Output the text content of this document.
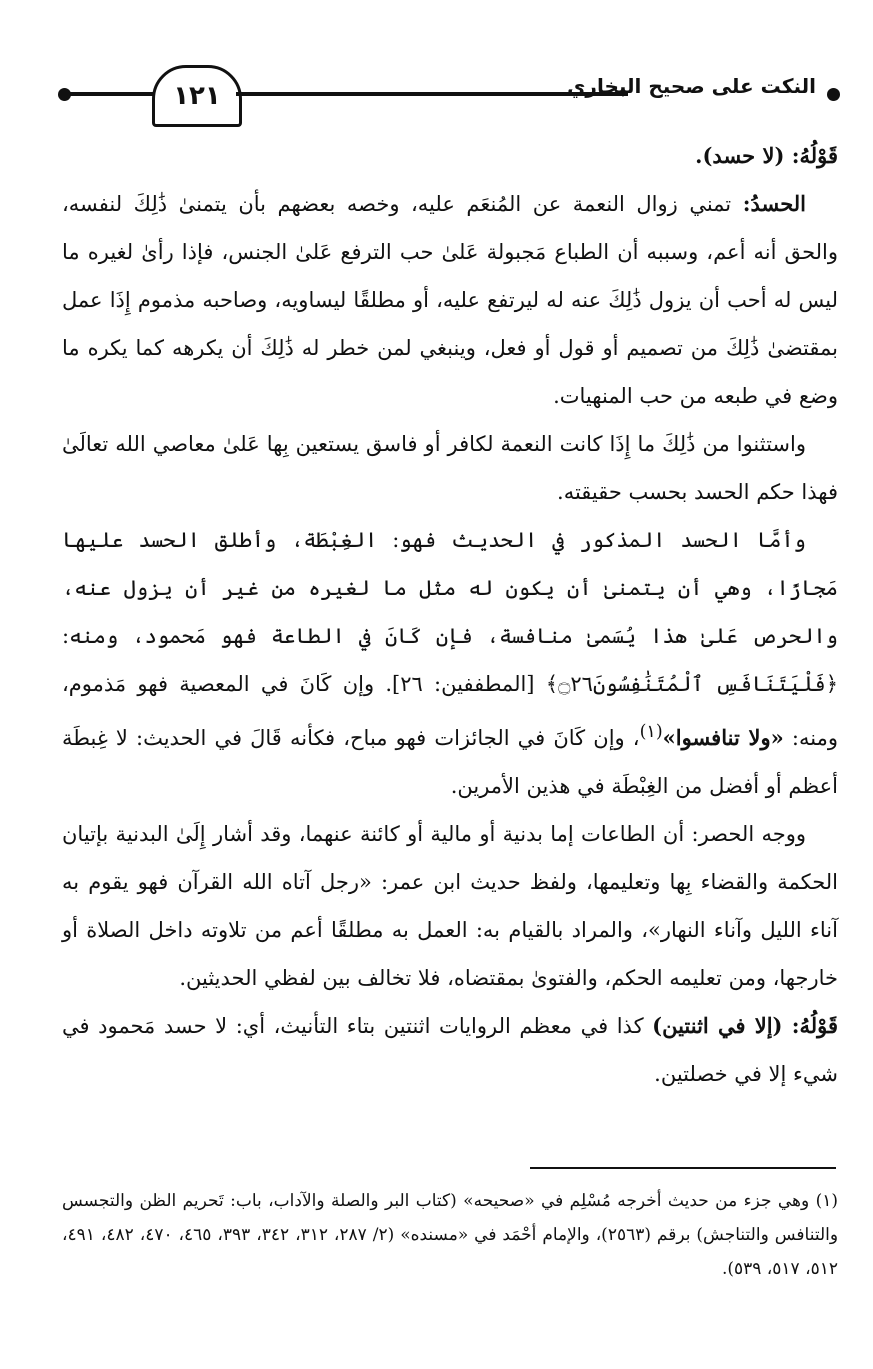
١٢١	النكت على صحيح البخاري

قَوْلُهُ: (لا حسد).

الحسدُ: تمني زوال النعمة عن المُنعَم عليه، وخصه بعضهم بأن يتمنىٰ ذَٰلِكَ لنفسه، والحق أنه أعم، وسببه أن الطباع مَجبولة عَلىٰ حب الترفع عَلىٰ الجنس، فإذا رأىٰ لغيره ما ليس له أحب أن يزول ذَٰلِكَ عنه له ليرتفع عليه، أو مطلقًا ليساويه، وصاحبه مذموم إِذَا عمل بمقتضىٰ ذَٰلِكَ من تصميم أو قول أو فعل، وينبغي لمن خطر له ذَٰلِكَ أن يكرهه كما يكره ما وضع في طبعه من حب المنهيات.

واستثنوا من ذَٰلِكَ ما إِذَا كانت النعمة لكافر أو فاسق يستعين بِها عَلىٰ معاصي الله تعالَىٰ فهذا حكم الحسد بحسب حقيقته.

وأمَّا الحسد المذكور في الحديث فهو: الغِبْطَة، وأطلق الحسد عليها مَجازًا، وهي أن يتمنىٰ أن يكون له مثل ما لغيره من غير أن يزول عنه، والحرص عَلىٰ هذا يُسَمىٰ منافسة، فإن كَانَ في الطاعة فهو مَحمود، ومنه: ﴿فَلْيَتَنَافَسِ ٱلْمُتَنَٰفِسُونَ۝٢٦﴾ [المطففين: ٢٦]. وإن كَانَ في المعصية فهو مَذموم، ومنه: «ولا تنافسوا»$^{(١)}$، وإن كَانَ في الجائزات فهو مباح، فكأنه قَالَ في الحديث: لا غِبطَة أعظم أو أفضل من الغِبْطَة في هذين الأمرين.

ووجه الحصر: أن الطاعات إما بدنية أو مالية أو كائنة عنهما، وقد أشار إِلَىٰ البدنية بإتيان الحكمة والقضاء بِها وتعليمها، ولفظ حديث ابن عمر: «رجل آتاه الله القرآن فهو يقوم به آناء الليل وآناء النهار»، والمراد بالقيام به: العمل به مطلقًا أعم من تلاوته داخل الصلاة أو خارجها، ومن تعليمه الحكم، والفتوىٰ بمقتضاه، فلا تخالف بين لفظي الحديثين.

قَوْلُهُ: (إلا في اثنتين) كذا في معظم الروايات اثنتين بتاء التأنيث، أي: لا حسد مَحمود في شيء إلا في خصلتين.

(١) وهي جزء من حديث أخرجه مُسْلِم في «صحيحه» (كتاب البر والصلة والآداب، باب: تَحريم الظن والتجسس والتنافس والتناجش) برقم (٢٥٦٣)، والإمام أحْمَد في «مسنده» (٢/ ٢٨٧، ٣١٢، ٣٤٢، ٣٩٣، ٤٦٥، ٤٧٠، ٤٨٢، ٤٩١، ٥١٢، ٥١٧، ٥٣٩).
